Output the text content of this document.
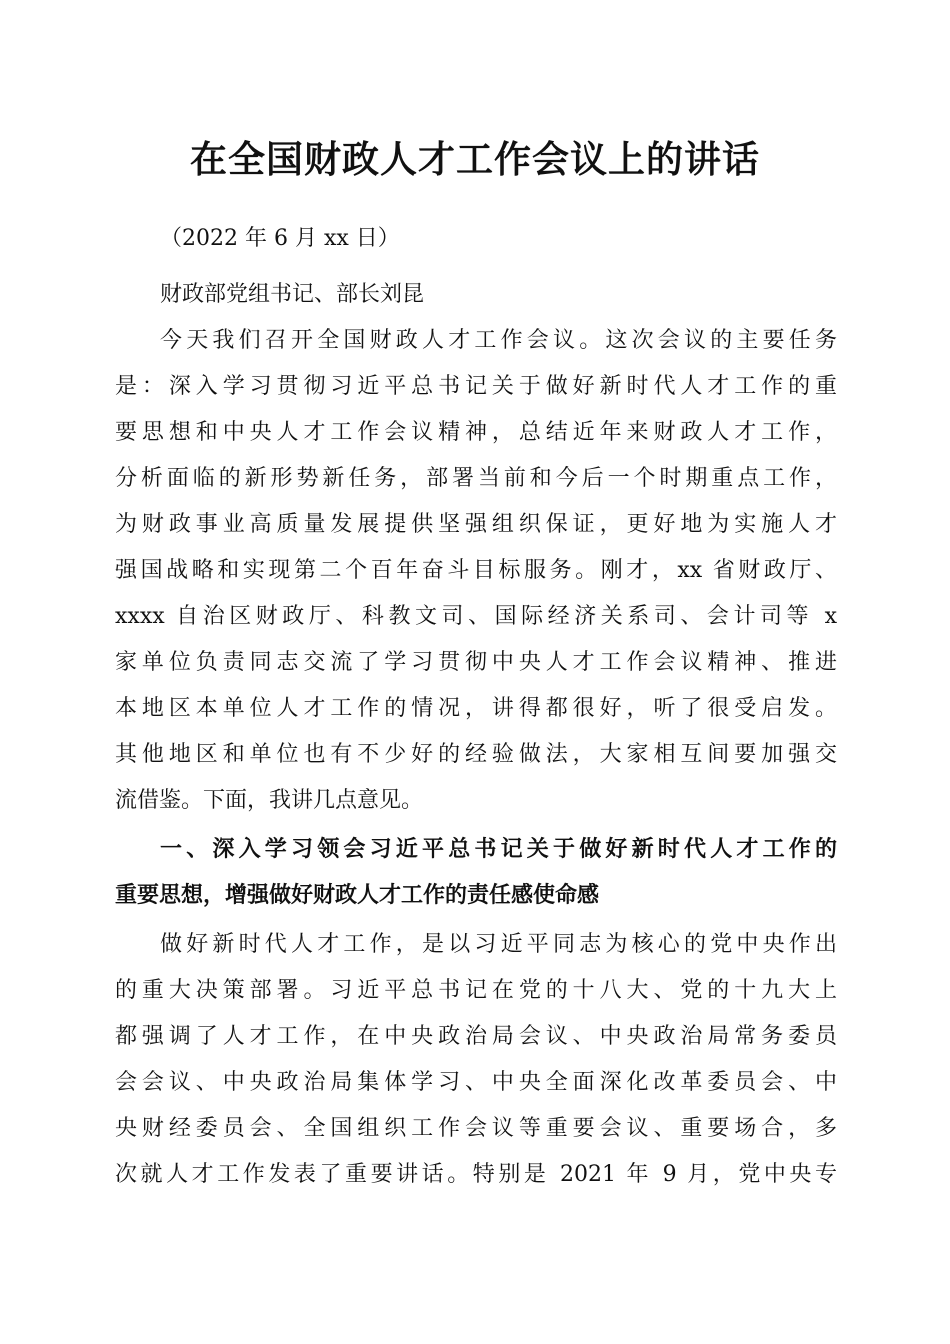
在全国财政人才工作会议上的讲话

（2022 年 6 月 xx 日）

财政部党组书记、部长刘昆

今天我们召开全国财政人才工作会议。这次会议的主要任务

是：深入学习贯彻习近平总书记关于做好新时代人才工作的重

要思想和中央人才工作会议精神，总结近年来财政人才工作，

分析面临的新形势新任务，部署当前和今后一个时期重点工作，

为财政事业高质量发展提供坚强组织保证，更好地为实施人才

强国战略和实现第二个百年奋斗目标服务。刚才，xx 省财政厅、

xxxx 自治区财政厅、科教文司、国际经济关系司、会计司等 x

家单位负责同志交流了学习贯彻中央人才工作会议精神、推进

本地区本单位人才工作的情况，讲得都很好，听了很受启发。

其他地区和单位也有不少好的经验做法，大家相互间要加强交

流借鉴。下面，我讲几点意见。

一、深入学习领会习近平总书记关于做好新时代人才工作的

重要思想，增强做好财政人才工作的责任感使命感

做好新时代人才工作，是以习近平同志为核心的党中央作出

的重大决策部署。习近平总书记在党的十八大、党的十九大上

都强调了人才工作，在中央政治局会议、中央政治局常务委员

会会议、中央政治局集体学习、中央全面深化改革委员会、中

央财经委员会、全国组织工作会议等重要会议、重要场合，多

次就人才工作发表了重要讲话。特别是 2021 年 9 月，党中央专
